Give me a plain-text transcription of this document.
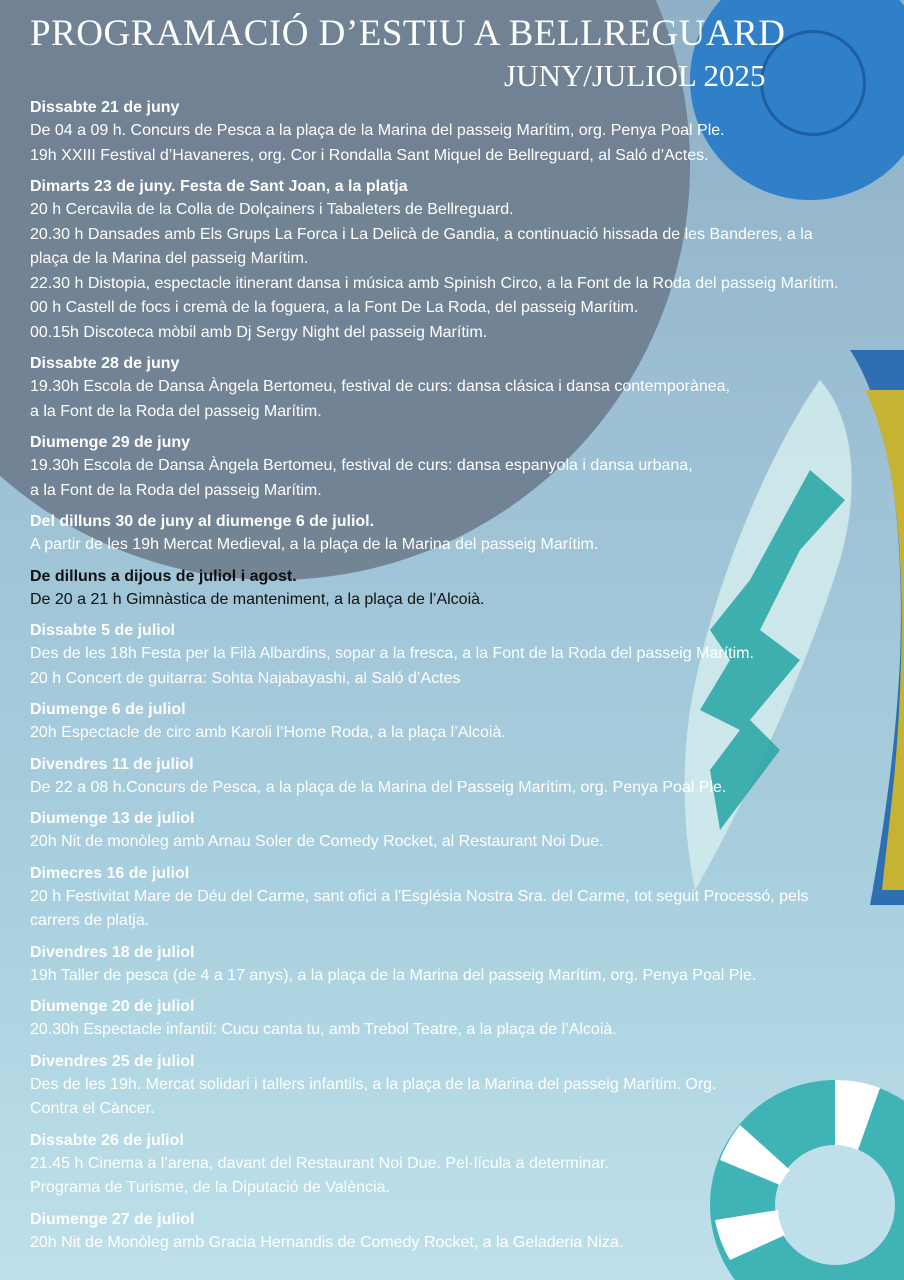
PROGRAMACIÓ D’ESTIU A BELLREGUARD
JUNY/JULIOL 2025

Dissabte 21 de juny

De 04 a 09 h. Concurs de Pesca a la plaça de la Marina del passeig Marítim, org. Penya Poal Ple.

19h XXIII Festival d’Havaneres, org. Cor i Rondalla Sant Miquel de Bellreguard, al Saló d’Actes.

Dimarts 23 de juny. Festa de Sant Joan, a la platja

20 h Cercavila de la Colla de Dolçainers i Tabaleters de Bellreguard.

20.30 h Dansades amb Els Grups La Forca i La Delicà de Gandia, a continuació hissada de les Banderes, a la

plaça de la Marina del passeig Marítim.

22.30 h Distopia, espectacle itinerant dansa i música amb Spinish Circo, a la Font de la Roda del passeig Marítim.

00 h Castell de focs i cremà de la foguera, a la Font De La Roda, del passeig Marítim.

00.15h Discoteca mòbil amb Dj Sergy Night del passeig Marítim.

Dissabte 28 de juny

19.30h Escola de Dansa Àngela Bertomeu, festival de curs: dansa clásica i dansa contemporànea,

a la Font de la Roda del passeig Marítim.

Diumenge 29 de juny

19.30h Escola de Dansa Àngela Bertomeu, festival de curs: dansa espanyola i dansa urbana,

a la Font de la Roda del passeig Marítim.

Del dilluns 30 de juny al diumenge 6 de juliol.

A partir de les 19h Mercat Medieval, a la plaça de la Marina del passeig Marítim.

De dilluns a dijous de juliol i agost.

De 20 a 21 h Gimnàstica de manteniment, a la plaça de l’Alcoià.

Dissabte 5 de juliol

Des de les 18h Festa per la Filà Albardins, sopar a la fresca, a la Font de la Roda del passeig Marítim.

20 h Concert de guitarra: Sohta Najabayashi, al Saló d’Actes

Diumenge 6 de juliol

20h Espectacle de circ amb Karoli l’Home Roda, a la plaça l’Alcoià.

Divendres 11 de juliol

De 22 a 08 h.Concurs de Pesca, a la plaça de la Marina del Passeig Marítim, org. Penya Poal Ple.

Diumenge 13 de juliol

20h Nit de monòleg amb Arnau Soler de Comedy Rocket, al Restaurant Noi Due.

Dimecres 16 de juliol

20 h Festivitat Mare de Déu del Carme, sant ofici a l'Església Nostra Sra. del Carme, tot seguit Processó, pels

carrers de platja.

Divendres 18 de juliol

19h Taller de pesca (de 4 a 17 anys), a la plaça de la Marina del passeig Marítim, org. Penya Poal Ple.

Diumenge 20 de juliol

20.30h Espectacle infantil: Cucu canta tu, amb Trebol Teatre, a la plaça de l’Alcoià.

Divendres 25 de juliol

Des de les 19h. Mercat solidari i tallers infantils, a la plaça de la Marina del passeig Marítim. Org.

Contra el Càncer.

Dissabte 26 de juliol

21.45 h Cinema a l’arena, davant del Restaurant Noi Due. Pel·lícula a determinar.

Programa de Turisme, de la Diputació de València.

Diumenge 27 de juliol

20h Nit de Monòleg amb Gracia Hernandis de Comedy Rocket, a la Geladeria Niza.
